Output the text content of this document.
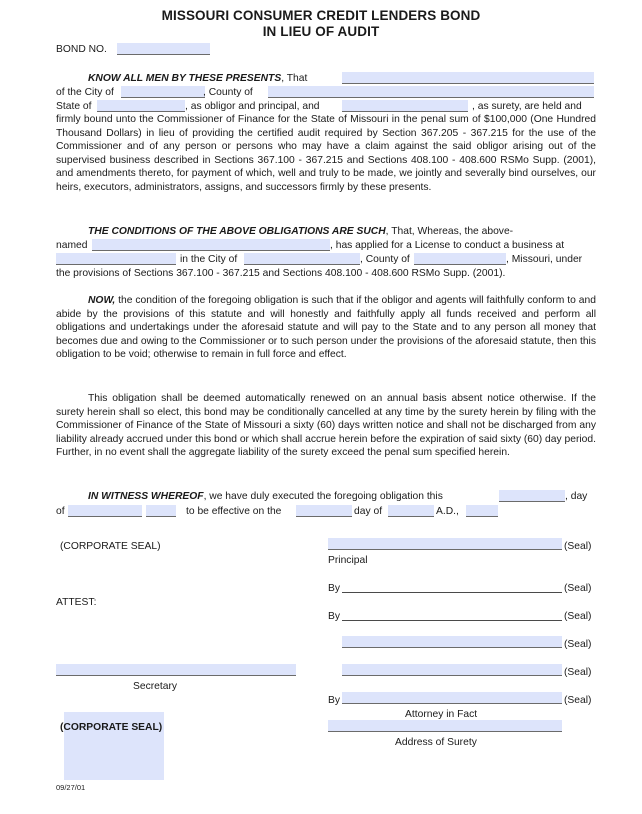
MISSOURI CONSUMER CREDIT LENDERS BOND
IN LIEU OF AUDIT
BOND NO.
KNOW ALL MEN BY THESE PRESENTS, That
of the City of	, County of
State of	, as obligor and principal, and	, as surety, are held and
firmly bound unto the Commissioner of Finance for the State of Missouri in the penal sum of $100,000 (One Hundred Thousand Dollars) in lieu of providing the certified audit required by Section 367.205 - 367.215 for the use of the Commissioner and of any person or persons who may have a claim against the said obligor arising out of the supervised business described in Sections 367.100 - 367.215 and Sections 408.100 - 408.600 RSMo Supp. (2001), and amendments thereto, for payment of which, well and truly to be made, we jointly and severally bind ourselves, our heirs, executors, administrators, assigns, and successors firmly by these presents.
THE CONDITIONS OF THE ABOVE OBLIGATIONS ARE SUCH, That, Whereas, the above-
named	, has applied for a License to conduct a business at
in the City of	, County of	, Missouri, under
the provisions of Sections 367.100 - 367.215 and Sections 408.100 - 408.600 RSMo Supp. (2001).
NOW, the condition of the foregoing obligation is such that if the obligor and agents will faithfully conform to and abide by the provisions of this statute and will honestly and faithfully apply all funds received and perform all obligations and undertakings under the aforesaid statute and will pay to the State and to any person all money that becomes due and owing to the Commissioner or to such person under the provisions of the aforesaid statute, then this obligation to be void; otherwise to remain in full force and effect.
This obligation shall be deemed automatically renewed on an annual basis absent notice otherwise. If the surety herein shall so elect, this bond may be conditionally cancelled at any time by the surety herein by filing with the Commissioner of Finance of the State of Missouri a sixty (60) days written notice and shall not be discharged from any liability already accrued under this bond or which shall accrue herein before the expiration of said sixty (60) day period. Further, in no event shall the aggregate liability of the surety exceed the penal sum specified herein.
IN WITNESS WHEREOF, we have duly executed the foregoing obligation this	, day
of	to be effective on the	day of	A.D.,
(CORPORATE SEAL)	(Seal)
Principal
By	(Seal)
ATTEST:
By	(Seal)
(Seal)
(Seal)
Secretary
By	(Seal)
Attorney in Fact
(CORPORATE SEAL)
Address of Surety
09/27/01
